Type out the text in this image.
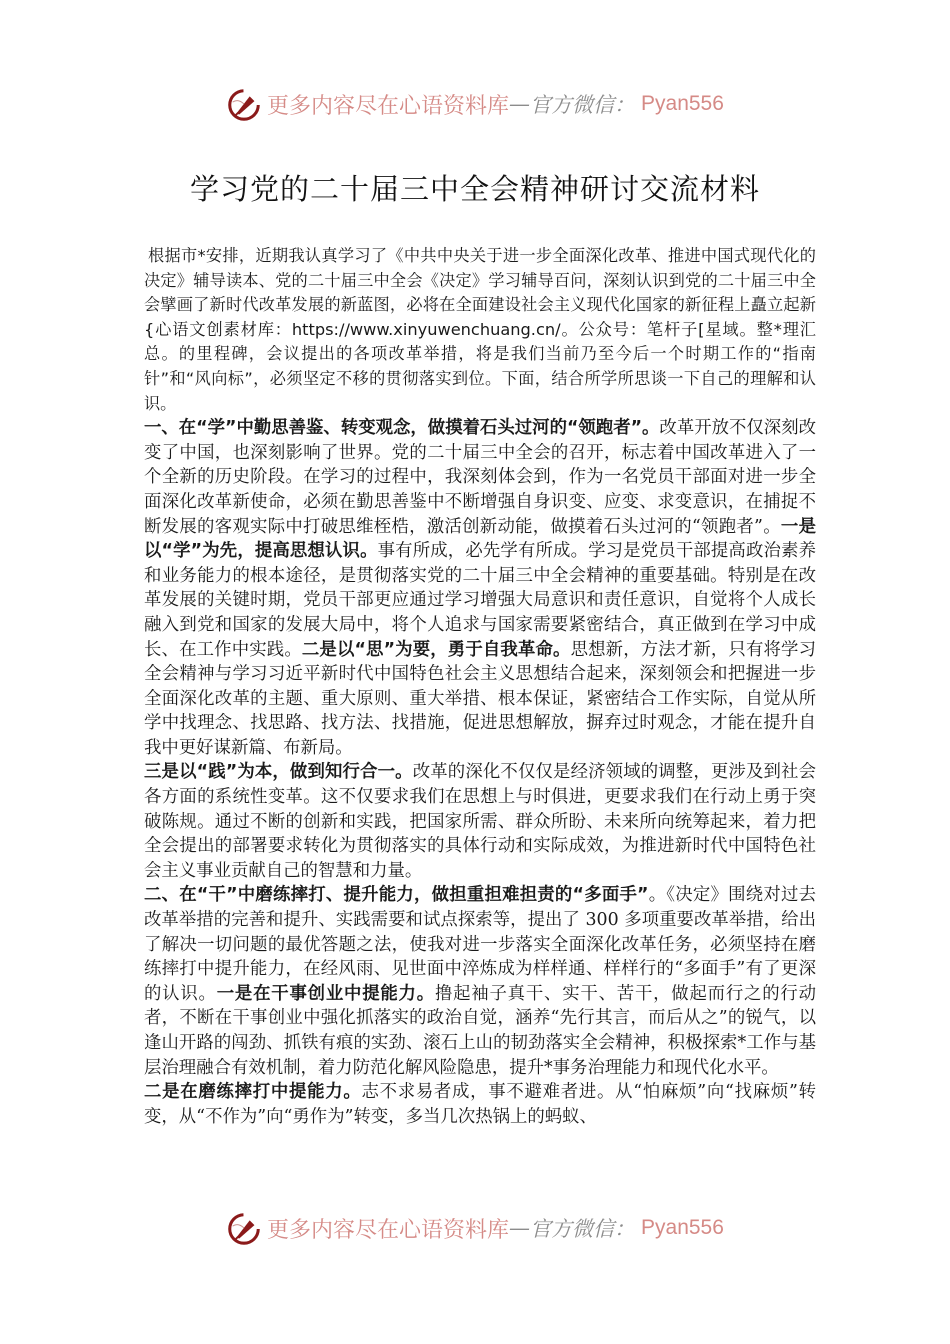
更多内容尽在心语资料库 — 官方微信： Pyan556
学习党的二十届三中全会精神研讨交流材料

根据市*安排，近期我认真学习了《中共中央关于进一步全面深化改革、推进中国式现代化的决定》辅导读本、党的二十届三中全会《决定》学习辅导百问，深刻认识到党的二十届三中全会擘画了新时代改革发展的新蓝图，必将在全面建设社会主义现代化国家的新征程上矗立起新{心语文创素材库：https://www.xinyuwenchuang.cn/。公众号：笔杆子[星域。整*理汇总。的里程碑，会议提出的各项改革举措，将是我们当前乃至今后一个时期工作的“指南针”和“风向标”，必须坚定不移的贯彻落实到位。下面，结合所学所思谈一下自己的理解和认识。

一、在“学”中勤思善鉴、转变观念，做摸着石头过河的“领跑者”。改革开放不仅深刻改变了中国，也深刻影响了世界。党的二十届三中全会的召开，标志着中国改革进入了一个全新的历史阶段。在学习的过程中，我深刻体会到，作为一名党员干部面对进一步全面深化改革新使命，必须在勤思善鉴中不断增强自身识变、应变、求变意识，在捕捉不断发展的客观实际中打破思维桎梏，激活创新动能，做摸着石头过河的“领跑者”。一是以“学”为先，提高思想认识。事有所成，必先学有所成。学习是党员干部提高政治素养和业务能力的根本途径，是贯彻落实党的二十届三中全会精神的重要基础。特别是在改革发展的关键时期，党员干部更应通过学习增强大局意识和责任意识，自觉将个人成长融入到党和国家的发展大局中，将个人追求与国家需要紧密结合，真正做到在学习中成长、在工作中实践。二是以“思”为要，勇于自我革命。思想新，方法才新，只有将学习全会精神与学习习近平新时代中国特色社会主义思想结合起来，深刻领会和把握进一步全面深化改革的主题、重大原则、重大举措、根本保证，紧密结合工作实际，自觉从所学中找理念、找思路、找方法、找措施，促进思想解放，摒弃过时观念，才能在提升自我中更好谋新篇、布新局。

三是以“践”为本，做到知行合一。改革的深化不仅仅是经济领域的调整，更涉及到社会各方面的系统性变革。这不仅要求我们在思想上与时俱进，更要求我们在行动上勇于突破陈规。通过不断的创新和实践，把国家所需、群众所盼、未来所向统筹起来，着力把全会提出的部署要求转化为贯彻落实的具体行动和实际成效，为推进新时代中国特色社会主义事业贡献自己的智慧和力量。

二、在“干”中磨练摔打、提升能力，做担重担难担责的“多面手”。《决定》围绕对过去改革举措的完善和提升、实践需要和试点探索等，提出了 300 多项重要改革举措，给出了解决一切问题的最优答题之法，使我对进一步落实全面深化改革任务，必须坚持在磨练摔打中提升能力，在经风雨、见世面中淬炼成为样样通、样样行的“多面手”有了更深的认识。一是在干事创业中提能力。撸起袖子真干、实干、苦干，做起而行之的行动者，不断在干事创业中强化抓落实的政治自觉，涵养“先行其言，而后从之”的锐气，以逢山开路的闯劲、抓铁有痕的实劲、滚石上山的韧劲落实全会精神，积极探索*工作与基层治理融合有效机制，着力防范化解风险隐患，提升*事务治理能力和现代化水平。

二是在磨练摔打中提能力。志不求易者成，事不避难者进。从“怕麻烦”向“找麻烦”转变，从“不作为”向“勇作为”转变，多当几次热锅上的蚂蚁、

更多内容尽在心语资料库 — 官方微信： Pyan556
